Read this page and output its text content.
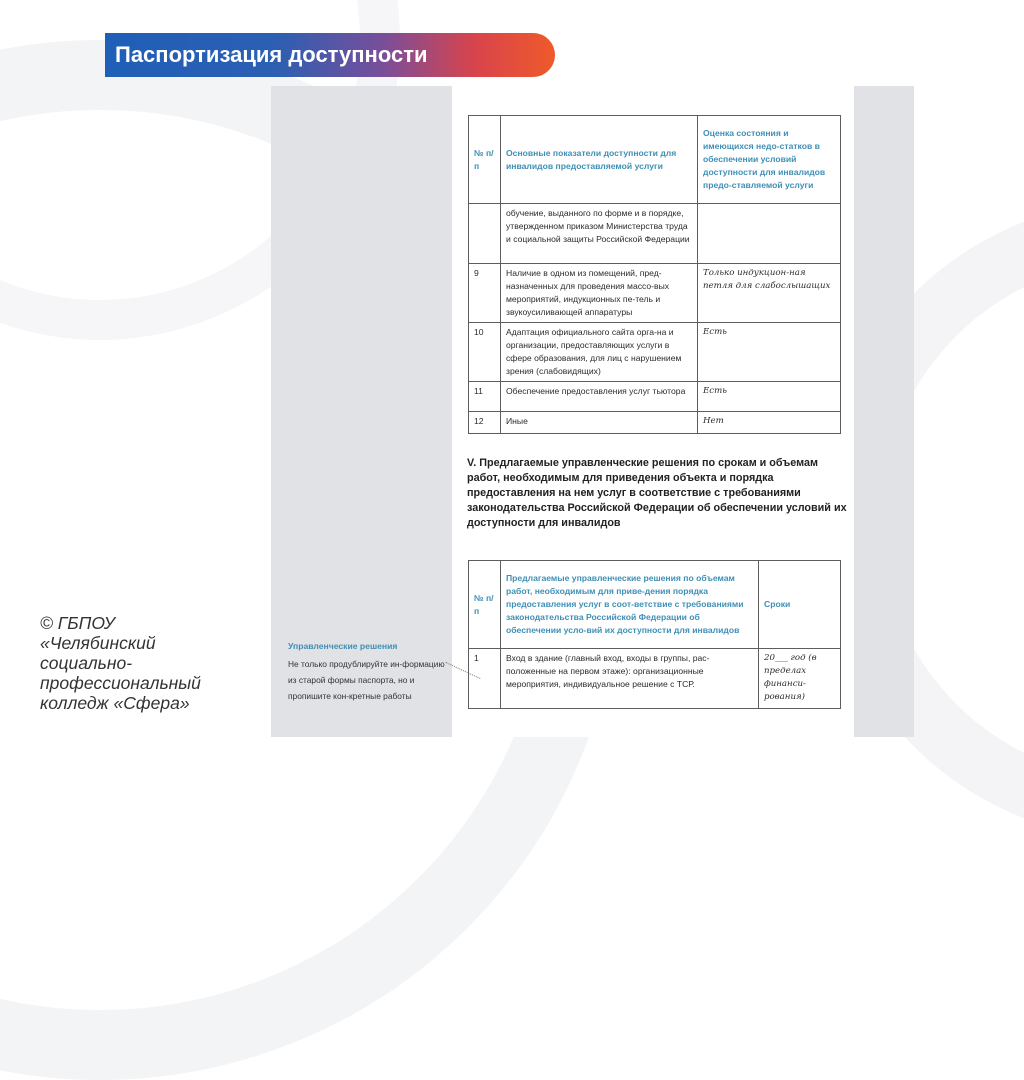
Паспортизация доступности
№ п/п	Основные показатели доступности для инвалидов предоставляемой услуги	Оценка состояния и имеющихся недо-статков в обеспечении условий доступности для инвалидов предо-ставляемой услуги
	обучение, выданного по форме и в порядке, утвержденном приказом Министерства труда и социальной защиты Российской Федерации	
9	Наличие в одном из помещений, пред-назначенных для проведения массо-вых мероприятий, индукционных пе-тель и звукоусиливающей аппаратуры	Только индукцион-ная петля для слабослышащих
10	Адаптация официального сайта орга-на и организации, предоставляющих услуги в сфере образования, для лиц с нарушением зрения (слабовидящих)	Есть
11	Обеспечение предоставления услуг тьютора	Есть
12	Иные	Нет
V. Предлагаемые управленческие решения по срокам и объемам работ, необходимым для приведения объекта и порядка предоставления на нем услуг в соответствие с требованиями законодательства Российской Федерации об обеспечении условий их доступности для инвалидов
№ п/п	Предлагаемые управленческие решения по объемам работ, необходимым для приве-дения порядка предоставления услуг в соот-ветствие с требованиями законодательства Российской Федерации об обеспечении усло-вий их доступности для инвалидов	Сроки
1	Вход в здание (главный вход, входы в группы, рас-положенные на первом этаже): организационные мероприятия, индивидуальное решение с ТСР.	20___ год (в пределах финанси-рования)
Управленческие решения
Не только продублируйте ин-формацию из старой формы паспорта, но и пропишите кон-кретные работы
© ГБПОУ
«Челябинский
социально-
профессиональный
колледж «Сфера»
